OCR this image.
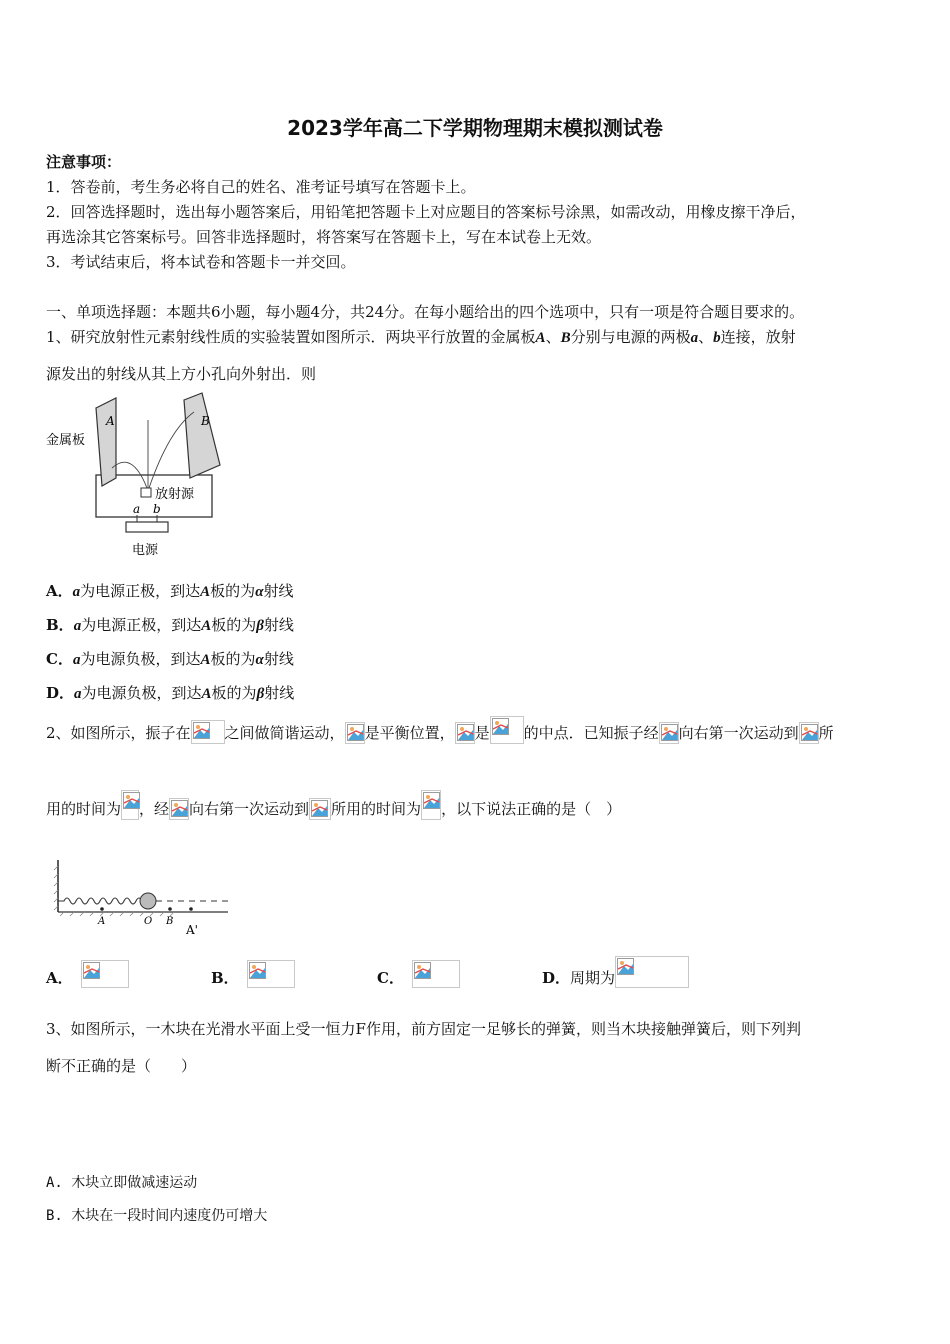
2023学年高二下学期物理期末模拟测试卷
注意事项：
1．答卷前，考生务必将自己的姓名、准考证号填写在答题卡上。
2．回答选择题时，选出每小题答案后，用铅笔把答题卡上对应题目的答案标号涂黑，如需改动，用橡皮擦干净后，
再选涂其它答案标号。回答非选择题时，将答案写在答题卡上，写在本试卷上无效。
3．考试结束后，将本试卷和答题卡一并交回。
一、单项选择题：本题共6小题，每小题4分，共24分。在每小题给出的四个选项中，只有一项是符合题目要求的。
1、研究放射性元素射线性质的实验装置如图所示．两块平行放置的金属板A、B分别与电源的两极a、b连接，放射
源发出的射线从其上方小孔向外射出．则
A	B
金属板
放射源
a b
电源
A．a为电源正极，到达A板的为α射线
B．a为电源正极，到达A板的为β射线
C．a为电源负极，到达A板的为α射线
D．a为电源负极，到达A板的为β射线
2、如图所示，振子在 之间做简谐运动， 是平衡位置， 是 的中点．已知振子经 向右第一次运动到 所
用的时间为 ，经 向右第一次运动到 所用的时间为 ，以下说法正确的是（　）
A	O B
A'
A．	B．	C．	D．周期为
3、如图所示，一木块在光滑水平面上受一恒力F作用，前方固定一足够长的弹簧，则当木块接触弹簧后，则下列判
断不正确的是（　　）
A. 木块立即做减速运动
B. 木块在一段时间内速度仍可增大
